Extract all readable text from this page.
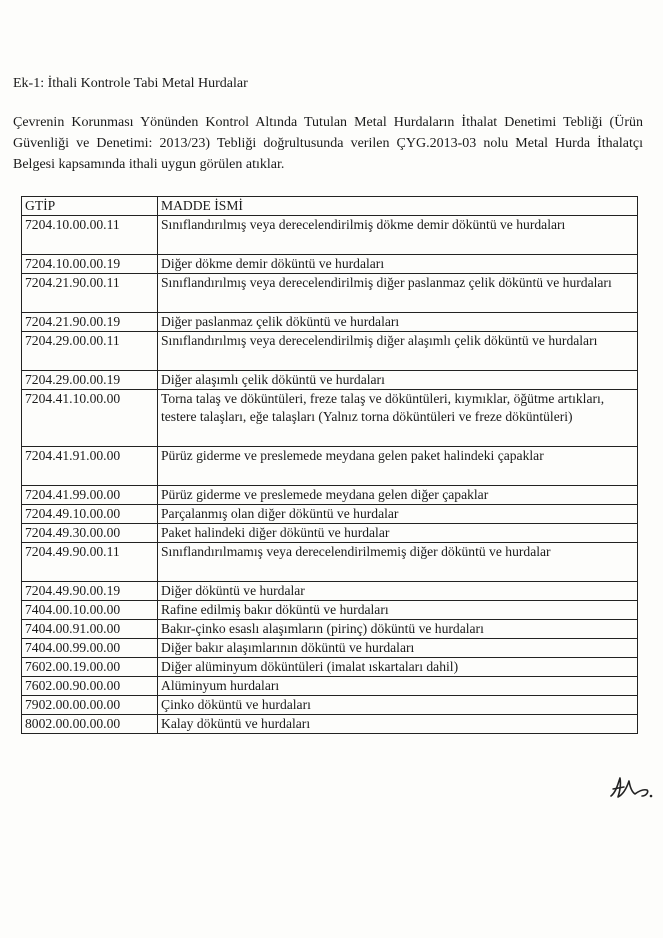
Ek-1: İthali Kontrole Tabi Metal Hurdalar

Çevrenin Korunması Yönünden Kontrol Altında Tutulan Metal Hurdaların İthalat Denetimi Tebliği (Ürün Güvenliği ve Denetimi: 2013/23) Tebliği doğrultusunda verilen ÇYG.2013-03 nolu Metal Hurda İthalatçı Belgesi kapsamında ithali uygun görülen atıklar.

GTİP	MADDE İSMİ
7204.10.00.00.11	Sınıflandırılmış veya derecelendirilmiş dökme demir döküntü ve hurdaları
7204.10.00.00.19	Diğer dökme demir döküntü ve hurdaları
7204.21.90.00.11	Sınıflandırılmış veya derecelendirilmiş diğer paslanmaz çelik döküntü ve hurdaları
7204.21.90.00.19	Diğer paslanmaz çelik döküntü ve hurdaları
7204.29.00.00.11	Sınıflandırılmış veya derecelendirilmiş diğer alaşımlı çelik döküntü ve hurdaları
7204.29.00.00.19	Diğer alaşımlı çelik döküntü ve hurdaları
7204.41.10.00.00	Torna talaş ve döküntüleri, freze talaş ve döküntüleri, kıymıklar, öğütme artıkları, testere talaşları, eğe talaşları (Yalnız torna döküntüleri ve freze döküntüleri)
7204.41.91.00.00	Pürüz giderme ve preslemede meydana gelen paket halindeki çapaklar
7204.41.99.00.00	Pürüz giderme ve preslemede meydana gelen diğer çapaklar
7204.49.10.00.00	Parçalanmış olan diğer döküntü ve hurdalar
7204.49.30.00.00	Paket halindeki diğer döküntü ve hurdalar
7204.49.90.00.11	Sınıflandırılmamış veya derecelendirilmemiş diğer döküntü ve hurdalar
7204.49.90.00.19	Diğer döküntü ve hurdalar
7404.00.10.00.00	Rafine edilmiş bakır döküntü ve hurdaları
7404.00.91.00.00	Bakır-çinko esaslı alaşımların (pirinç) döküntü ve hurdaları
7404.00.99.00.00	Diğer bakır alaşımlarının döküntü ve hurdaları
7602.00.19.00.00	Diğer alüminyum döküntüleri (imalat ıskartaları dahil)
7602.00.90.00.00	Alüminyum hurdaları
7902.00.00.00.00	Çinko döküntü ve hurdaları
8002.00.00.00.00	Kalay döküntü ve hurdaları
